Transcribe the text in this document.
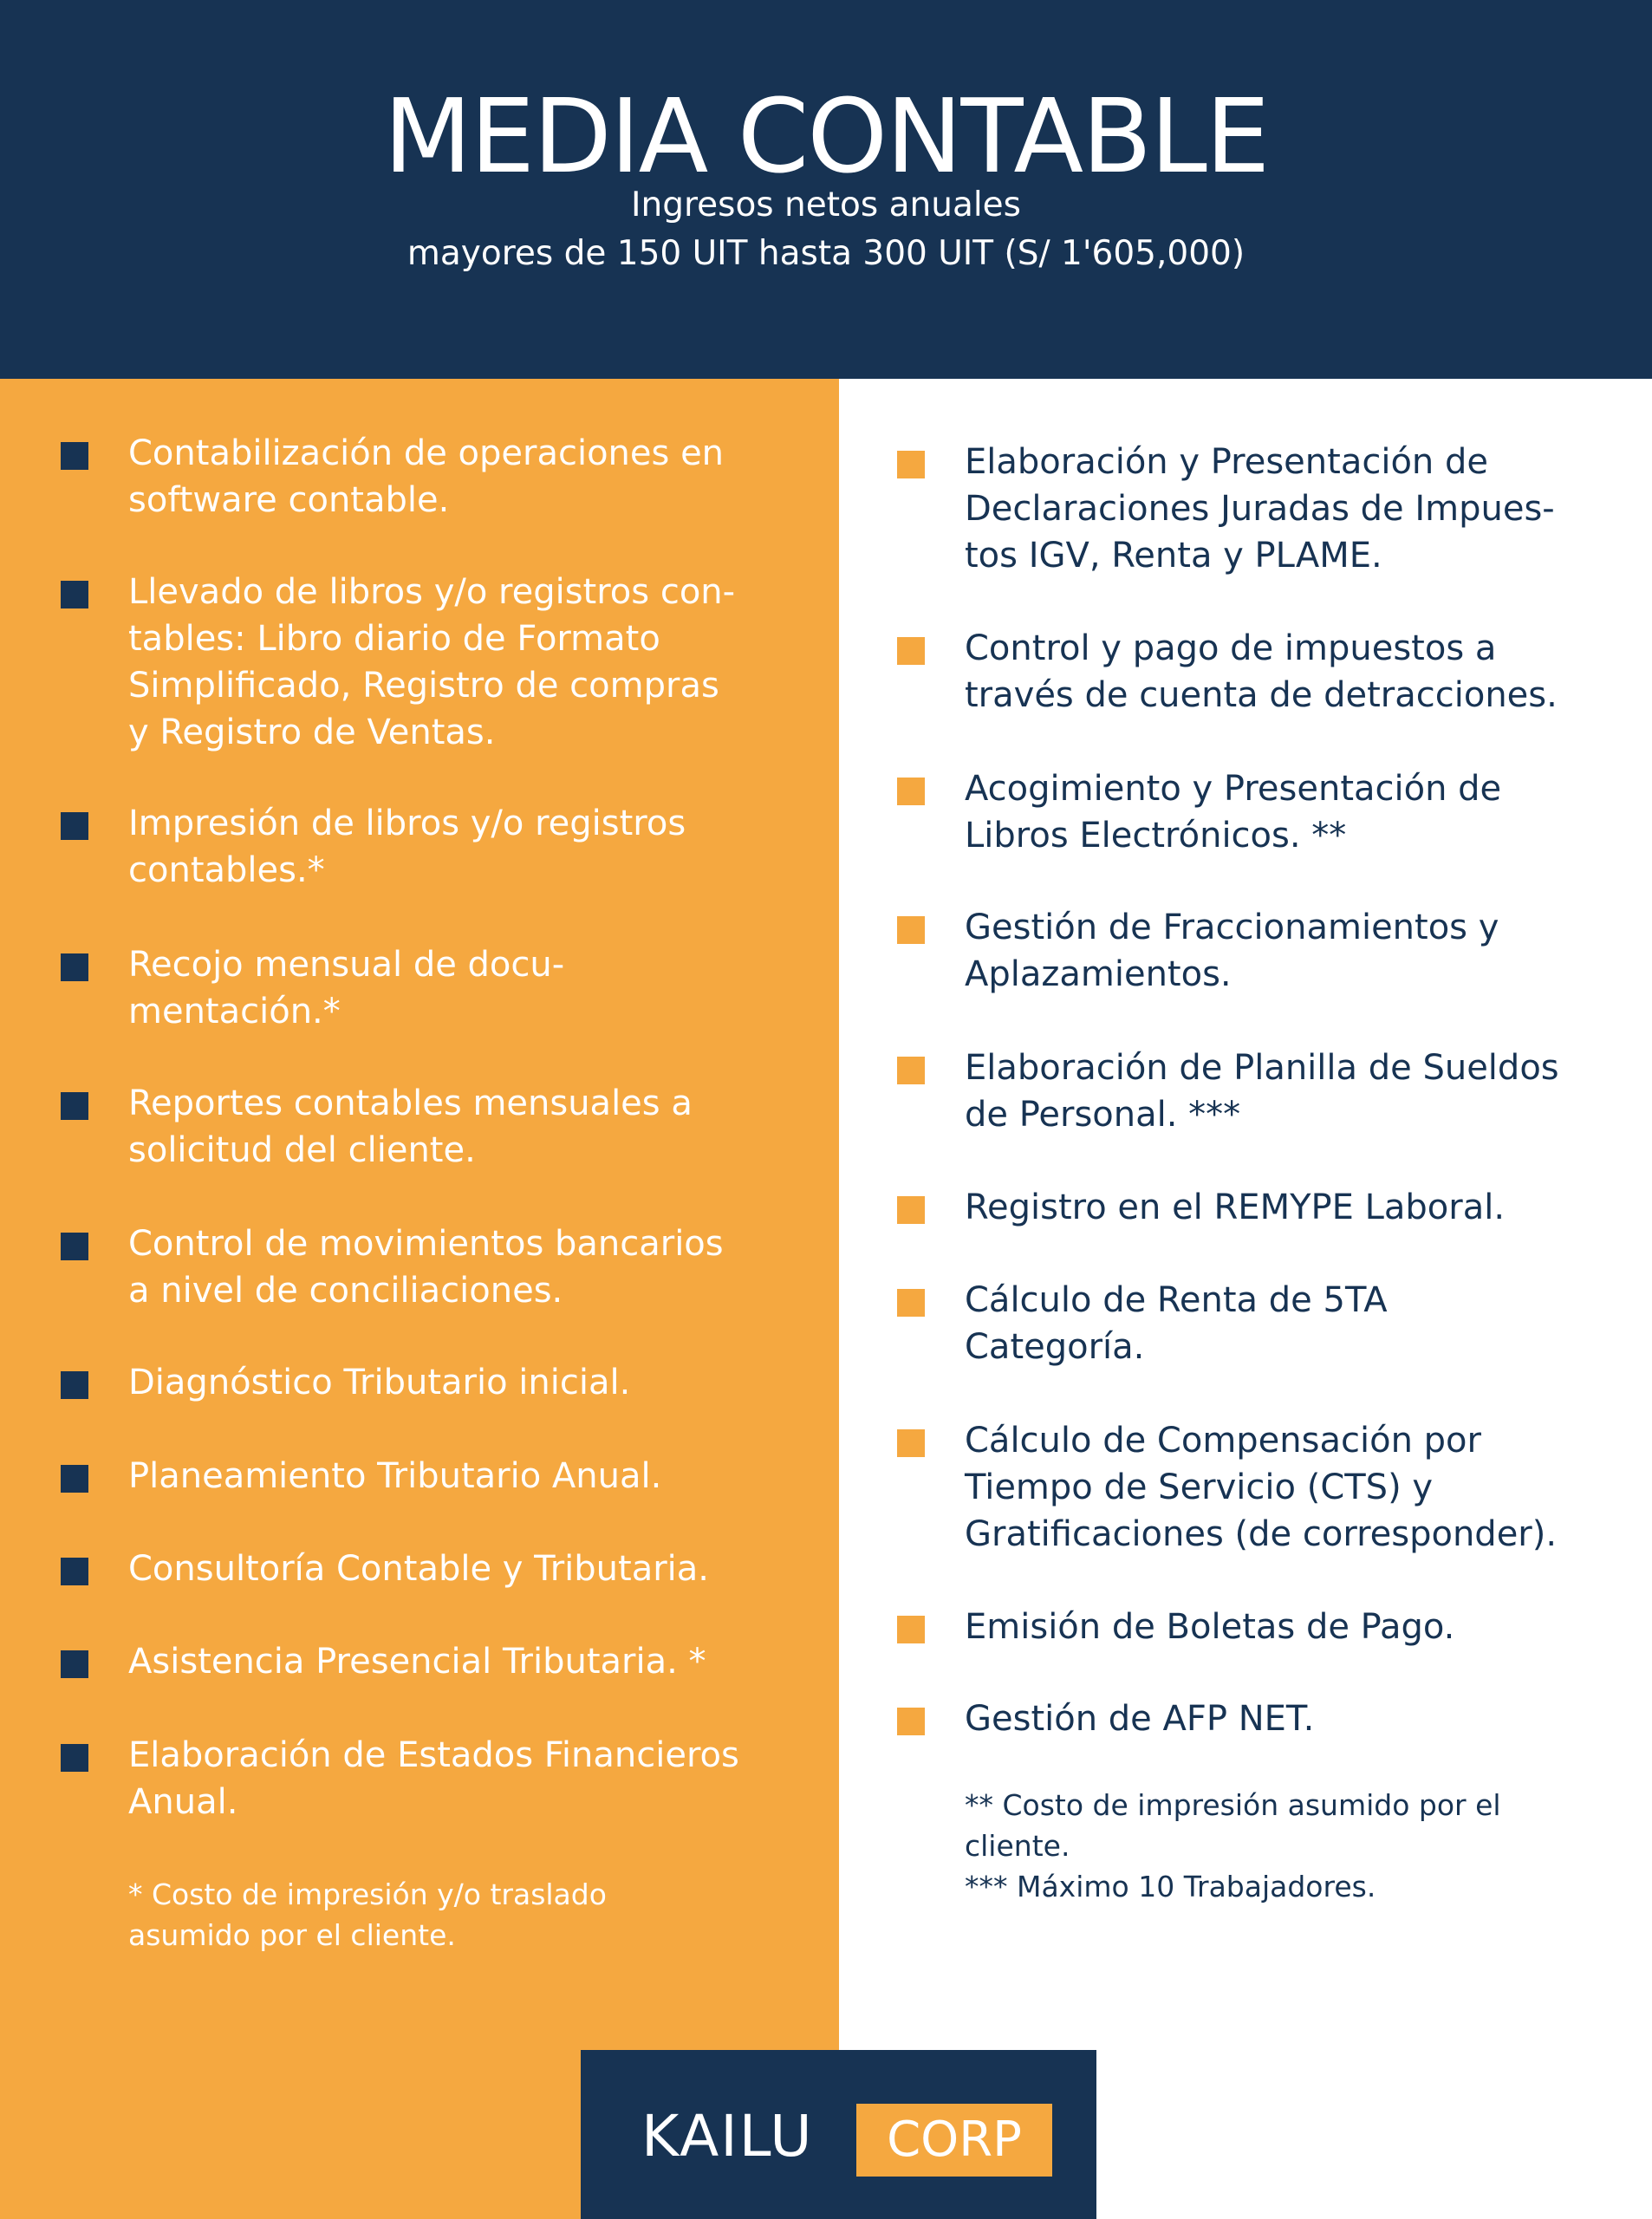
MEDIA CONTABLE
Ingresos netos anuales
mayores de 150 UIT hasta 300 UIT (S/ 1'605,000)
Contabilización de operaciones en
software contable.
Llevado de libros y/o registros con-
tables: Libro diario de Formato
Simplificado, Registro de compras
y Registro de Ventas.
Impresión de libros y/o registros
contables.*
Recojo mensual de docu-
mentación.*
Reportes contables mensuales a
solicitud del cliente.
Control de movimientos bancarios
a nivel de conciliaciones.
Diagnóstico Tributario inicial.
Planeamiento Tributario Anual.
Consultoría Contable y Tributaria.
Asistencia Presencial Tributaria. *
Elaboración de Estados Financieros
Anual.
* Costo de impresión y/o traslado
asumido por el cliente.
Elaboración y Presentación de
Declaraciones Juradas de Impues-
tos IGV, Renta y PLAME.
Control y pago de impuestos a
través de cuenta de detracciones.
Acogimiento y Presentación de
Libros Electrónicos. **
Gestión de Fraccionamientos y
Aplazamientos.
Elaboración de Planilla de Sueldos
de Personal. ***
Registro en el REMYPE Laboral.
Cálculo de Renta de 5TA
Categoría.
Cálculo de Compensación por
Tiempo de Servicio (CTS) y
Gratificaciones (de corresponder).
Emisión de Boletas de Pago.
Gestión de AFP NET.
** Costo de impresión asumido por el
cliente.
*** Máximo 10 Trabajadores.
KAILU	CORP
